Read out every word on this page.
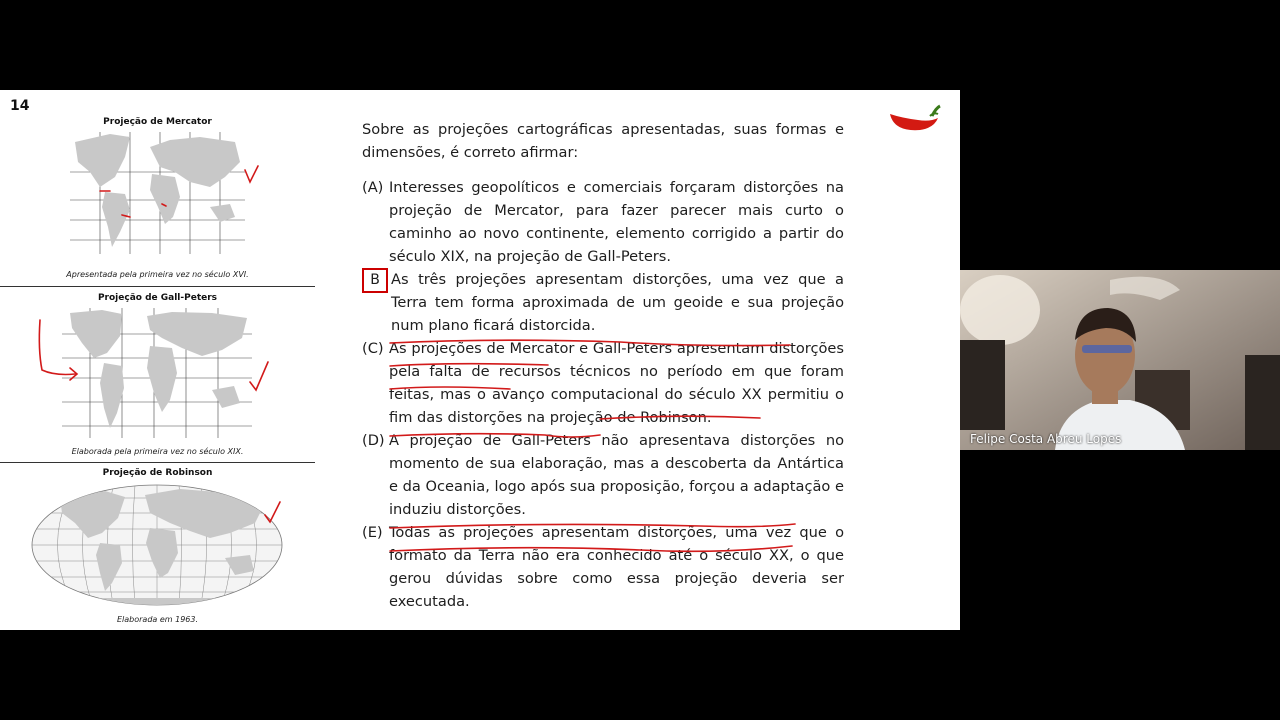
14
Projeção de Mercator
Apresentada pela primeira vez no século XVI.
Projeção de Gall-Peters
Elaborada pela primeira vez no século XIX.
Projeção de Robinson
Elaborada em 1963.

Sobre as projeções cartográficas apresentadas, suas formas e dimensões, é correto afirmar:

(A) Interesses geopolíticos e comerciais forçaram distorções na projeção de Mercator, para fazer parecer mais curto o caminho ao novo continente, elemento corrigido a partir do século XIX, na projeção de Gall-Peters.
B As três projeções apresentam distorções, uma vez que a Terra tem forma aproximada de um geoide e sua projeção num plano ficará distorcida.
(C) As projeções de Mercator e Gall-Peters apresentam distorções pela falta de recursos técnicos no período em que foram feitas, mas o avanço computacional do século XX permitiu o fim das distorções na projeção de Robinson.
(D) A projeção de Gall-Peters não apresentava distorções no momento de sua elaboração, mas a descoberta da Antártica e da Oceania, logo após sua proposição, forçou a adaptação e induziu distorções.
(E) Todas as projeções apresentam distorções, uma vez que o formato da Terra não era conhecido até o século XX, o que gerou dúvidas sobre como essa projeção deveria ser executada.
Felipe Costa Abreu Lopes
